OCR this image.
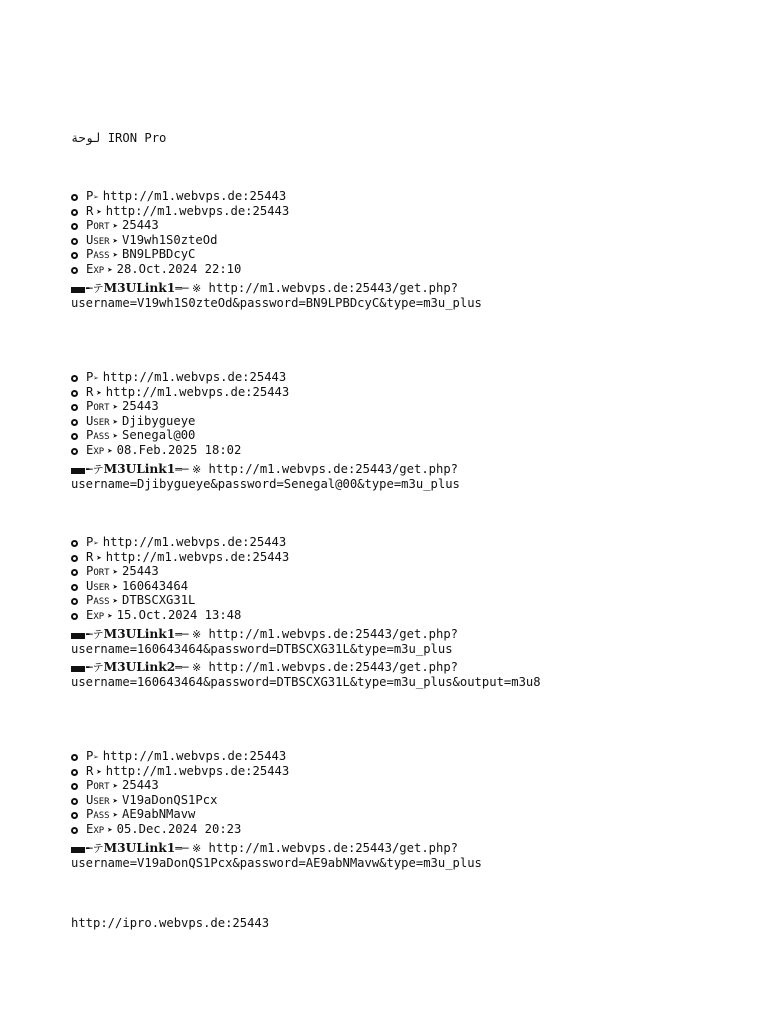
لوحة IRON Pro
P➢ http://m1.webvps.de:25443
R ➤ http://m1.webvps.de:25443
Port ➤ 25443
User ➤ V19wh1S0zteOd
Pass ➤ BN9LPBDcyC
Exp ➤ 28.Oct.2024 22:10
╾テM3ULink1═─ ※ http://m1.webvps.de:25443/get.php?
username=V19wh1S0zteOd&password=BN9LPBDcyC&type=m3u_plus
P➢ http://m1.webvps.de:25443
R ➤ http://m1.webvps.de:25443
Port ➤ 25443
User ➤ Djibygueye
Pass ➤ Senegal@00
Exp ➤ 08.Feb.2025 18:02
╾テM3ULink1═─ ※ http://m1.webvps.de:25443/get.php?
username=Djibygueye&password=Senegal@00&type=m3u_plus
P➢ http://m1.webvps.de:25443
R ➤ http://m1.webvps.de:25443
Port ➤ 25443
User ➤ 160643464
Pass ➤ DTBSCXG31L
Exp ➤ 15.Oct.2024 13:48
╾テM3ULink1═─ ※ http://m1.webvps.de:25443/get.php?
username=160643464&password=DTBSCXG31L&type=m3u_plus
╾テM3ULink2═─ ※ http://m1.webvps.de:25443/get.php?
username=160643464&password=DTBSCXG31L&type=m3u_plus&output=m3u8
P➢ http://m1.webvps.de:25443
R ➤ http://m1.webvps.de:25443
Port ➤ 25443
User ➤ V19aDonQS1Pcx
Pass ➤ AE9abNMavw
Exp ➤ 05.Dec.2024 20:23
╾テM3ULink1═─ ※ http://m1.webvps.de:25443/get.php?
username=V19aDonQS1Pcx&password=AE9abNMavw&type=m3u_plus
http://ipro.webvps.de:25443
